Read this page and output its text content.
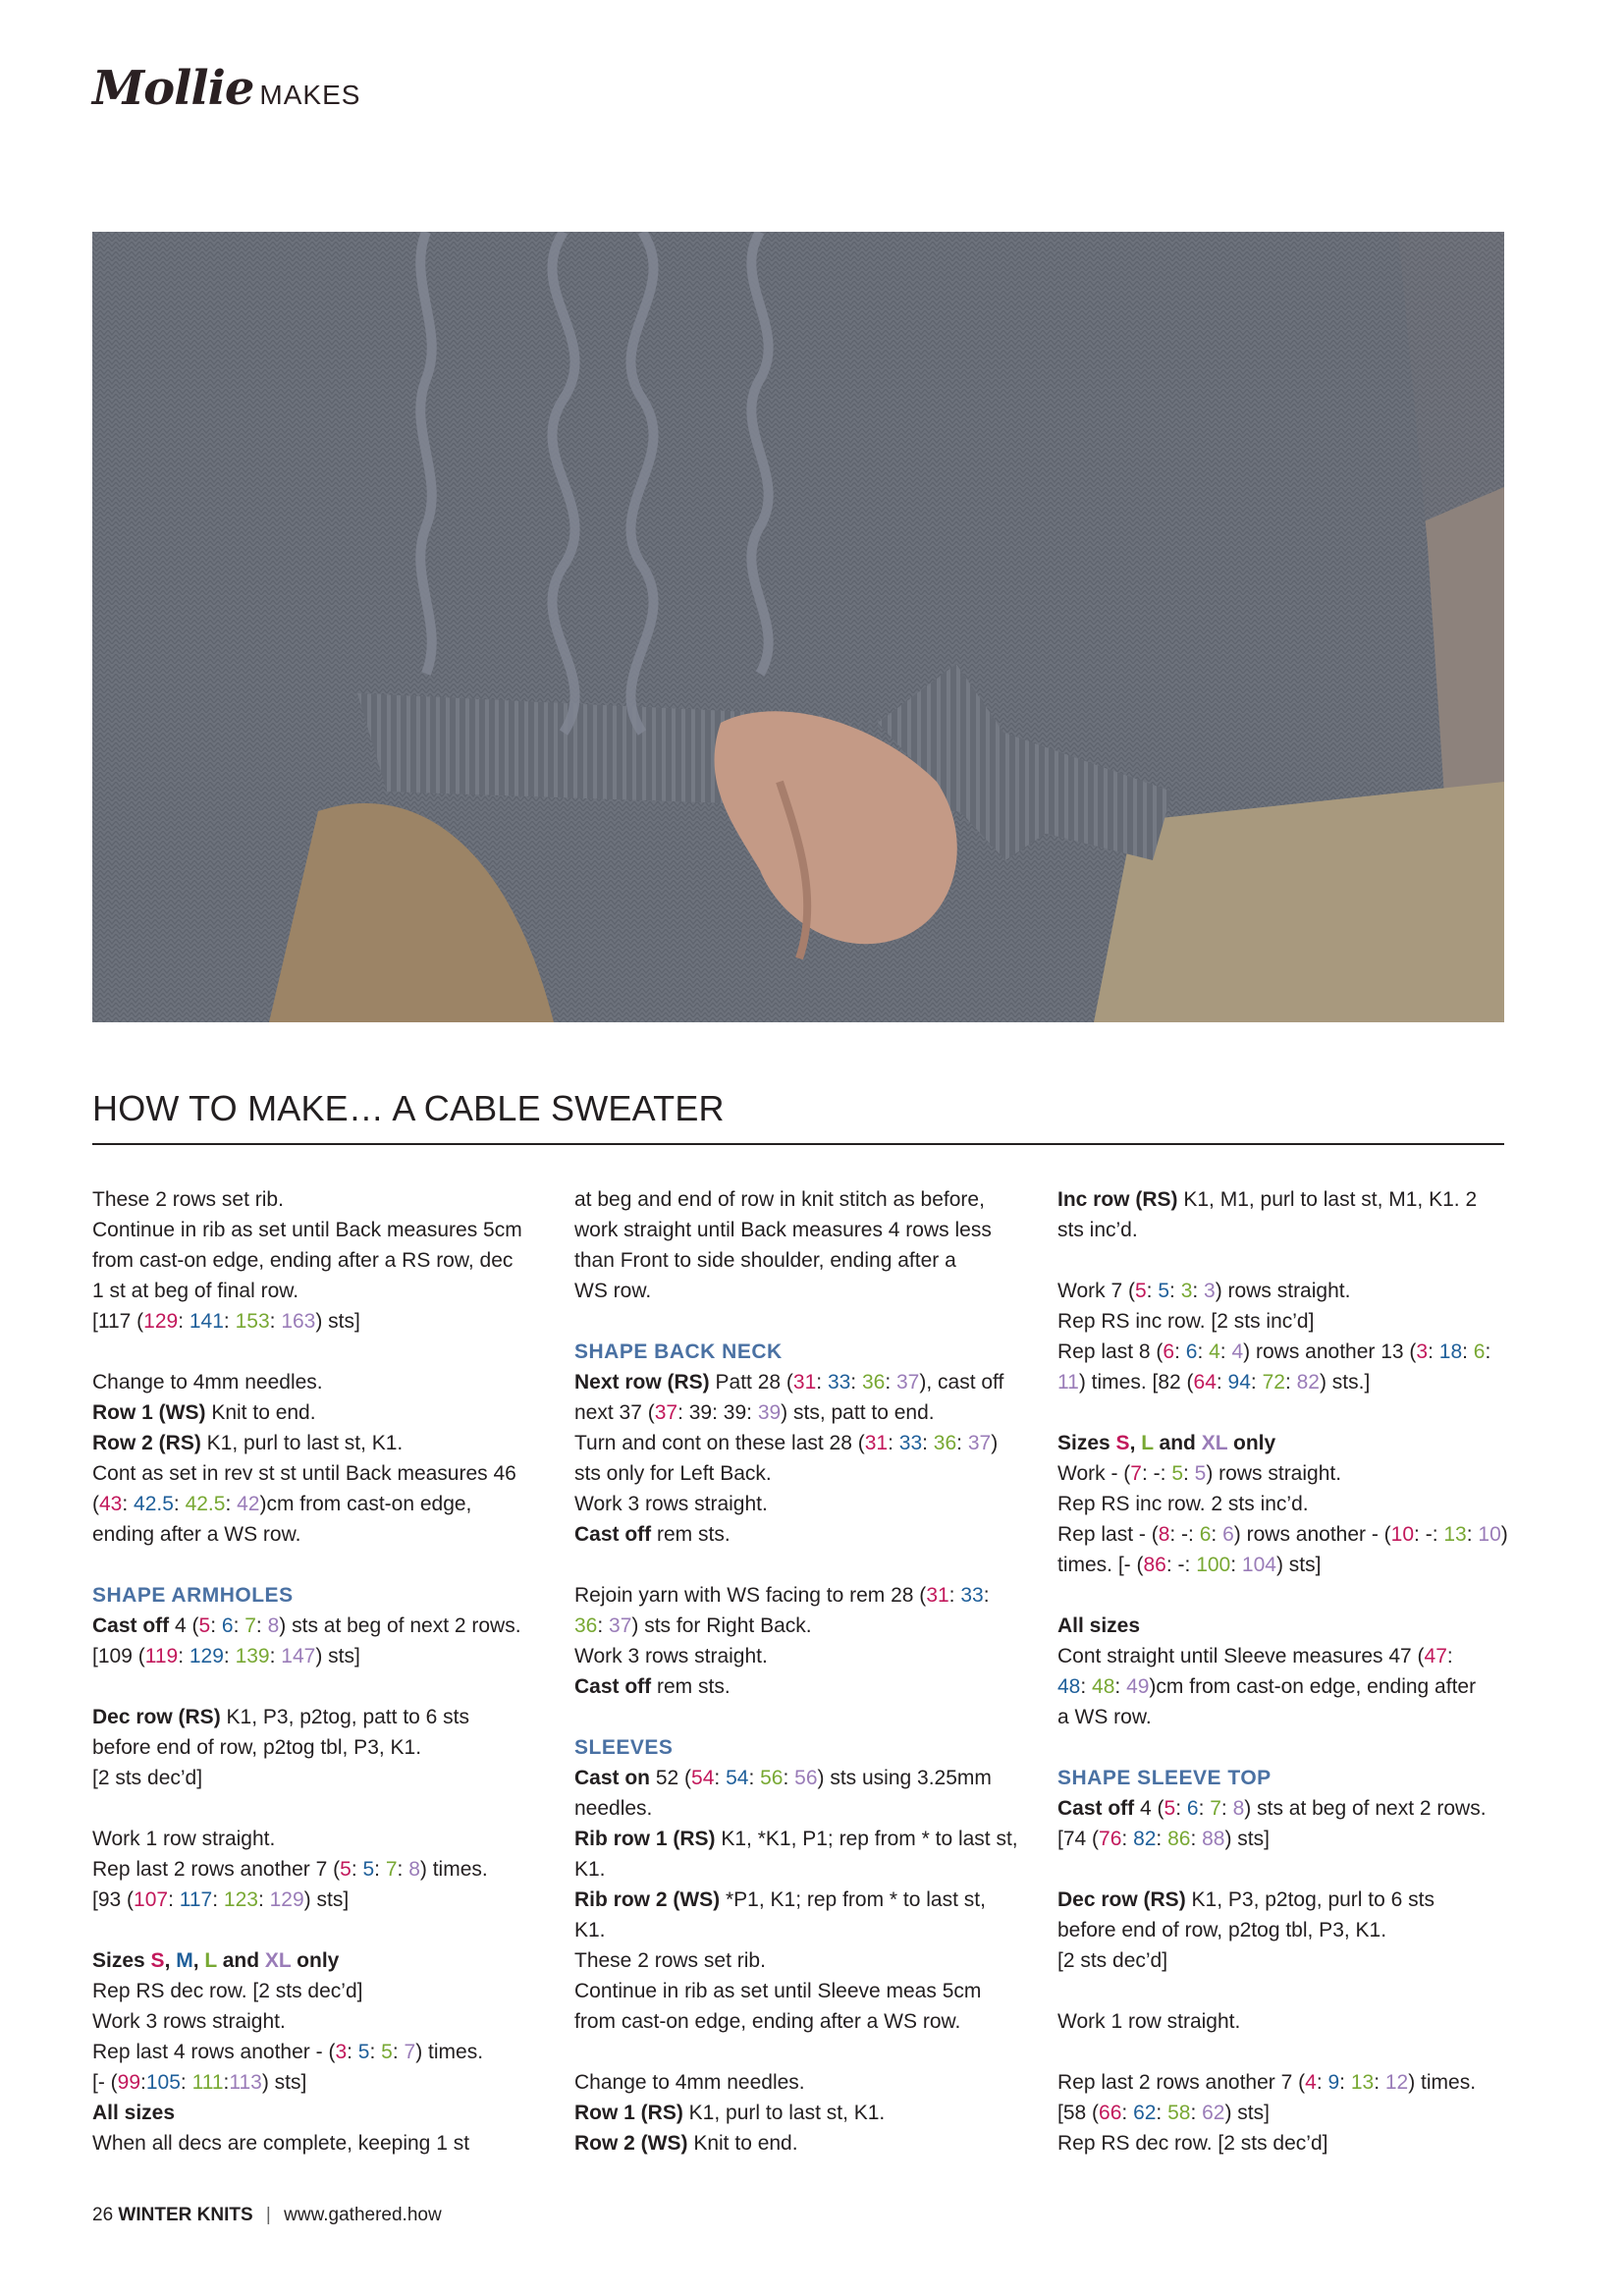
Mollie MAKES
HOW TO MAKE… A CABLE SWEATER
These 2 rows set rib.
Continue in rib as set until Back measures 5cm
from cast-on edge, ending after a RS row, dec
1 st at beg of final row.
[117 (129: 141: 153: 163) sts]
Change to 4mm needles.
Row 1 (WS) Knit to end.
Row 2 (RS) K1, purl to last st, K1.
Cont as set in rev st st until Back measures 46
(43: 42.5: 42.5: 42)cm from cast-on edge,
ending after a WS row.
SHAPE ARMHOLES
Cast off 4 (5: 6: 7: 8) sts at beg of next 2 rows.
[109 (119: 129: 139: 147) sts]
Dec row (RS) K1, P3, p2tog, patt to 6 sts
before end of row, p2tog tbl, P3, K1.
[2 sts dec’d]
Work 1 row straight.
Rep last 2 rows another 7 (5: 5: 7: 8) times.
[93 (107: 117: 123: 129) sts]
Sizes S, M, L and XL only
Rep RS dec row. [2 sts dec’d]
Work 3 rows straight.
Rep last 4 rows another - (3: 5: 5: 7) times.
[- (99:105: 111:113) sts]
All sizes
When all decs are complete, keeping 1 st
at beg and end of row in knit stitch as before,
work straight until Back measures 4 rows less
than Front to side shoulder, ending after a
WS row.
SHAPE BACK NECK
Next row (RS) Patt 28 (31: 33: 36: 37), cast off
next 37 (37: 39: 39: 39) sts, patt to end.
Turn and cont on these last 28 (31: 33: 36: 37)
sts only for Left Back.
Work 3 rows straight.
Cast off rem sts.
Rejoin yarn with WS facing to rem 28 (31: 33:
36: 37) sts for Right Back.
Work 3 rows straight.
Cast off rem sts.
SLEEVES
Cast on 52 (54: 54: 56: 56) sts using 3.25mm
needles.
Rib row 1 (RS) K1, *K1, P1; rep from * to last st,
K1.
Rib row 2 (WS) *P1, K1; rep from * to last st,
K1.
These 2 rows set rib.
Continue in rib as set until Sleeve meas 5cm
from cast-on edge, ending after a WS row.
Change to 4mm needles.
Row 1 (RS) K1, purl to last st, K1.
Row 2 (WS) Knit to end.
Inc row (RS) K1, M1, purl to last st, M1, K1. 2
sts inc’d.
Work 7 (5: 5: 3: 3) rows straight.
Rep RS inc row. [2 sts inc’d]
Rep last 8 (6: 6: 4: 4) rows another 13 (3: 18: 6:
11) times. [82 (64: 94: 72: 82) sts.]
Sizes S, L and XL only
Work - (7: -: 5: 5) rows straight.
Rep RS inc row. 2 sts inc’d.
Rep last - (8: -: 6: 6) rows another - (10: -: 13: 10)
times. [- (86: -: 100: 104) sts]
All sizes
Cont straight until Sleeve measures 47 (47:
48: 48: 49)cm from cast-on edge, ending after
a WS row.
SHAPE SLEEVE TOP
Cast off 4 (5: 6: 7: 8) sts at beg of next 2 rows.
[74 (76: 82: 86: 88) sts]
Dec row (RS) K1, P3, p2tog, purl to 6 sts
before end of row, p2tog tbl, P3, K1.
[2 sts dec’d]
Work 1 row straight.
Rep last 2 rows another 7 (4: 9: 13: 12) times.
[58 (66: 62: 58: 62) sts]
Rep RS dec row. [2 sts dec’d]
26 WINTER KNITS | www.gathered.how
